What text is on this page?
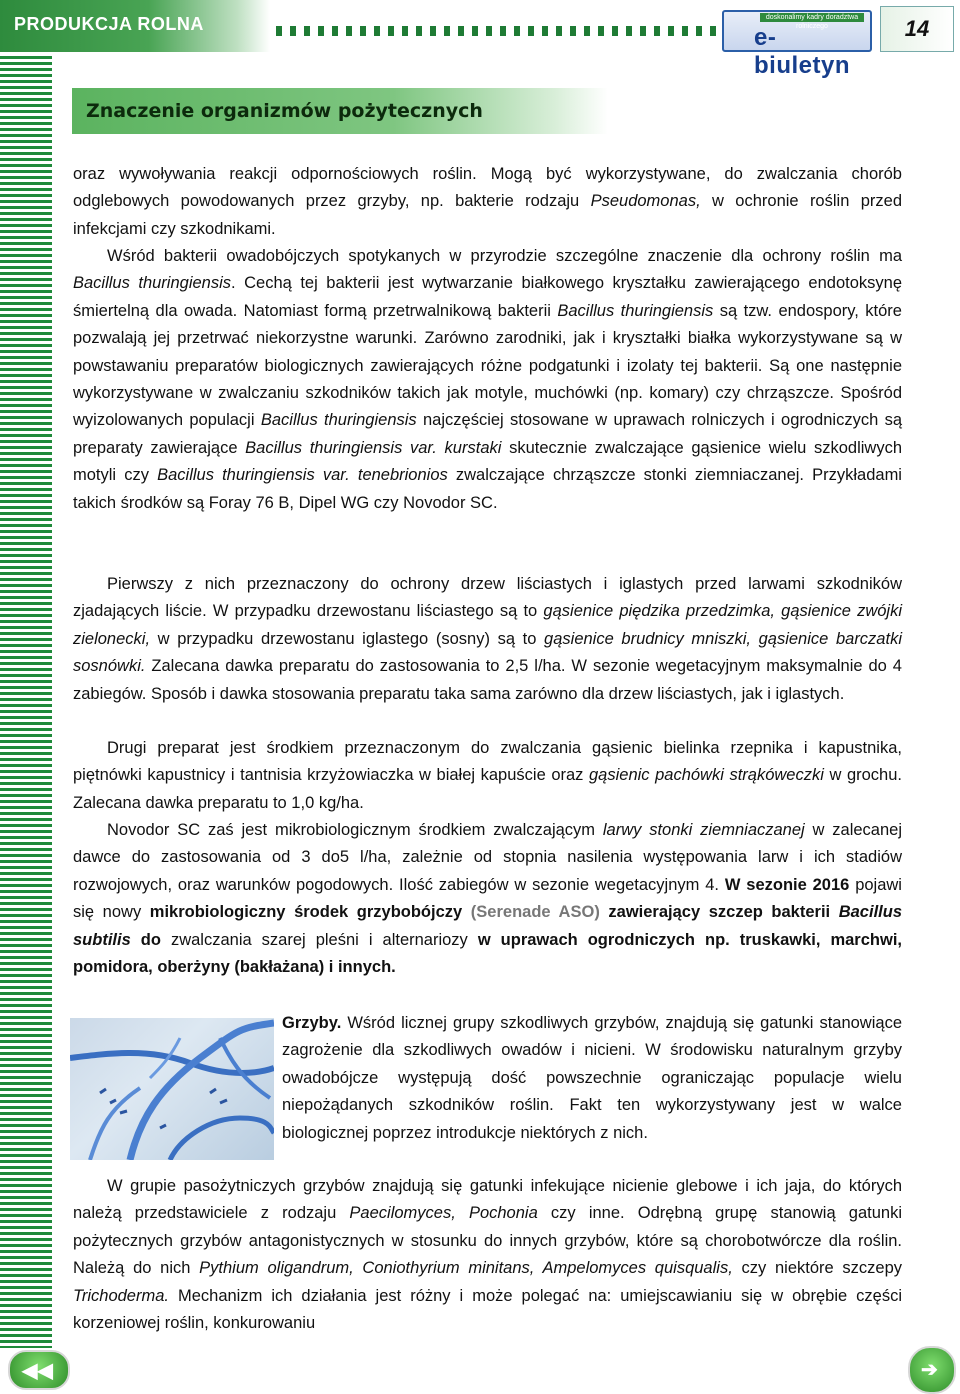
PRODUKCJA ROLNA	doskonalimy kadry doradztwa rolniczego
e-biuletyn
14
Znaczenie organizmów pożytecznych

oraz wywoływania reakcji odpornościowych roślin. Mogą być wykorzystywane, do zwalczania chorób odglebowych powodowanych przez grzyby, np. bakterie rodzaju Pseudomonas, w ochronie roślin przed infekcjami czy szkodnikami.

Wśród bakterii owadobójczych spotykanych w przyrodzie szczególne znaczenie dla ochrony roślin ma Bacillus thuringiensis. Cechą tej bakterii jest wytwarzanie białkowego kryształku zawierającego endotoksynę śmiertelną dla owada. Natomiast formą przetrwalnikową bakterii Bacillus thuringiensis są tzw. endospory, które pozwalają jej przetrwać niekorzystne warunki. Zarówno zarodniki, jak i kryształki białka wykorzystywane są w powstawaniu preparatów biologicznych zawierających różne podgatunki i izolaty tej bakterii. Są one następnie wykorzystywane w zwalczaniu szkodników takich jak motyle, muchówki (np. komary) czy chrząszcze. Spośród wyizolowanych populacji Bacillus thuringiensis najczęściej stosowane w uprawach rolniczych i ogrodniczych są preparaty zawierające Bacillus thuringiensis var. kurstaki skutecznie zwalczające gąsienice wielu szkodliwych motyli czy Bacillus thuringiensis var. tenebrionios zwalczające chrząszcze stonki ziemniaczanej. Przykładami takich środków są Foray 76 B, Dipel WG czy Novodor SC.

Pierwszy z nich przeznaczony do ochrony drzew liściastych i iglastych przed larwami szkodników zjadających liście. W przypadku drzewostanu liściastego są to gąsienice piędzika przedzimka, gąsienice zwójki zielonecki, w przypadku drzewostanu iglastego (sosny) są to gąsienice brudnicy mniszki, gąsienice barczatki sosnówki. Zalecana dawka preparatu do zastosowania to 2,5 l/ha. W sezonie wegetacyjnym maksymalnie do 4 zabiegów. Sposób i dawka stosowania preparatu taka sama zarówno dla drzew liściastych, jak i iglastych.

Drugi preparat jest środkiem przeznaczonym do zwalczania gąsienic bielinka rzepnika i kapustnika, piętnówki kapustnicy i tantnisia krzyżowiaczka w białej kapuście oraz gąsienic pachówki strąkóweczki w grochu. Zalecana dawka preparatu to 1,0 kg/ha.

Novodor SC zaś jest mikrobiologicznym środkiem zwalczającym larwy stonki ziemniaczanej w zalecanej dawce do zastosowania od 3 do5 l/ha, zależnie od stopnia nasilenia występowania larw i ich stadiów rozwojowych, oraz warunków pogodowych. Ilość zabiegów w sezonie wegetacyjnym 4. W sezonie 2016 pojawi się nowy mikrobiologiczny środek grzybobójczy (Serenade ASO) zawierający szczep bakterii Bacillus subtilis do zwalczania szarej pleśni i alternariozy w uprawach ogrodniczych np. truskawki, marchwi, pomidora, oberżyny (bakłażana) i innych.

Grzyby. Wśród licznej grupy szkodliwych grzybów, znajdują się gatunki stanowiące zagrożenie dla szkodliwych owadów i nicieni. W środowisku naturalnym grzyby owadobójcze występują dość powszechnie ograniczając populacje wielu niepożądanych szkodników roślin. Fakt ten wykorzystywany jest w walce biologicznej poprzez introdukcje niektórych z nich.

W grupie pasożytniczych grzybów znajdują się gatunki infekujące nicienie glebowe i ich jaja, do których należą przedstawiciele z rodzaju Paecilomyces, Pochonia czy inne. Odrębną grupę stanowią gatunki pożytecznych grzybów antagonistycznych w stosunku do innych grzybów, które są chorobotwórcze dla roślin. Należą do nich Pythium oligandrum, Coniothyrium minitans, Ampelomyces quisqualis, czy niektóre szczepy Trichoderma. Mechanizm ich działania jest różny i może polegać na: umiejscawianiu się w obrębie części korzeniowej roślin, konkurowaniu

◀◀	➔
